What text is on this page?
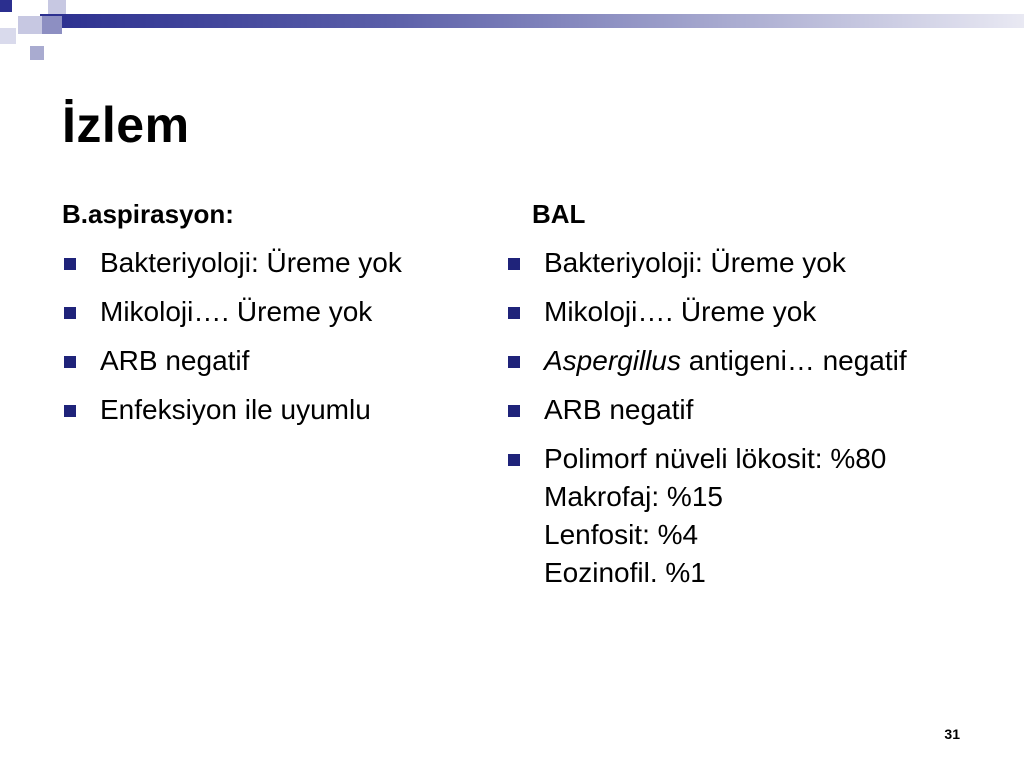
İzlem
B.aspirasyon:
Bakteriyoloji: Üreme yok
Mikoloji…. Üreme yok
ARB negatif
Enfeksiyon ile uyumlu
BAL
Bakteriyoloji: Üreme yok
Mikoloji…. Üreme yok
Aspergillus antigeni… negatif
ARB negatif
Polimorf nüveli lökosit: %80
Makrofaj: %15
Lenfosit: %4
Eozinofil. %1
31
